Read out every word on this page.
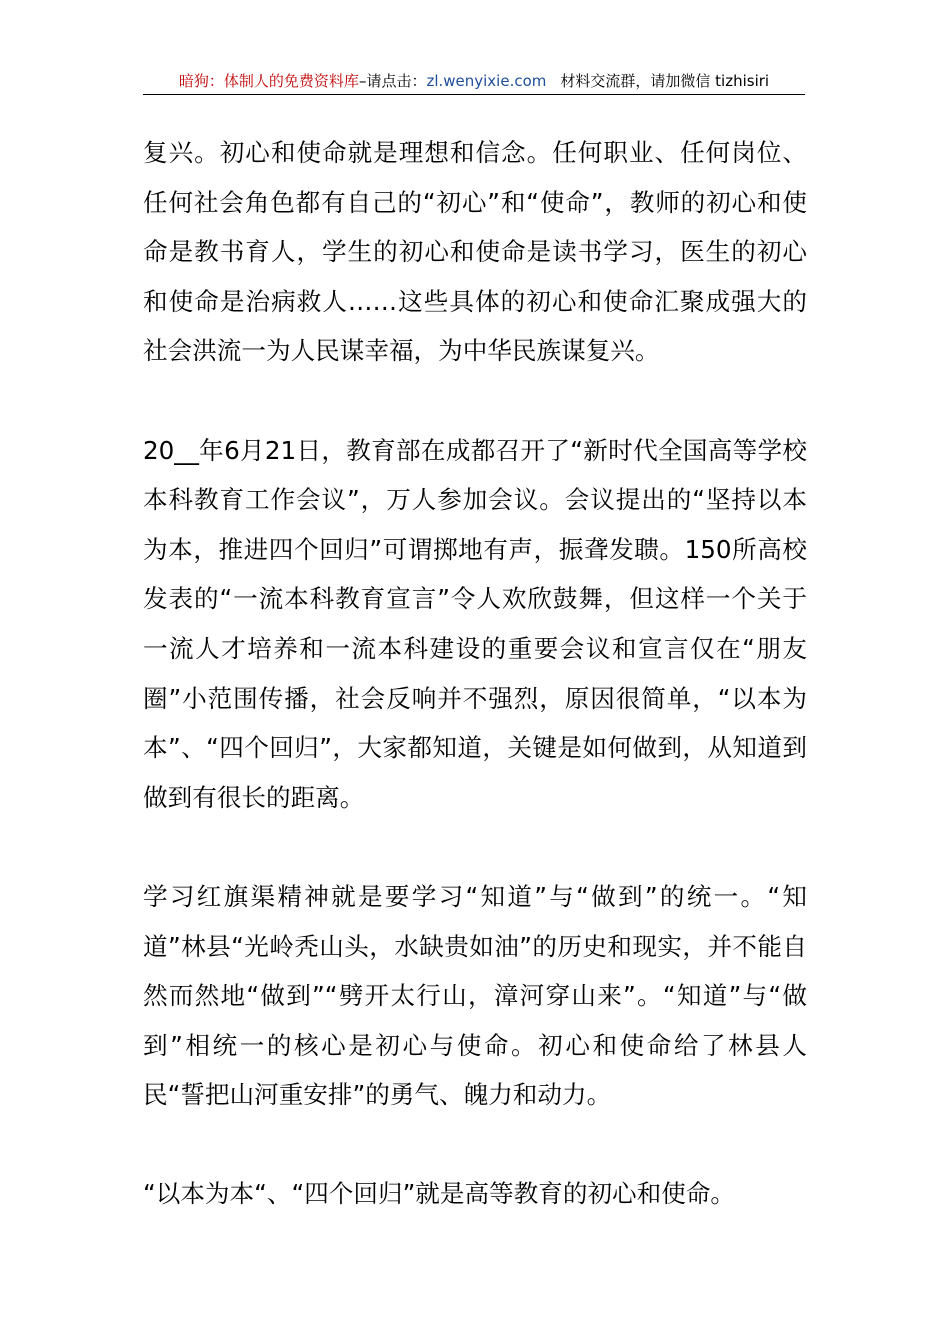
暗狗：体制人的免费资料库–请点击：zl.wenyixie.com 材料交流群，请加微信 tizhisiri

复兴。初心和使命就是理想和信念。任何职业、任何岗位、任何社会角色都有自己的“初心”和“使命”，教师的初心和使命是教书育人，学生的初心和使命是读书学习，医生的初心和使命是治病救人……这些具体的初心和使命汇聚成强大的社会洪流一为人民谋幸福，为中华民族谋复兴。

20__年6月21日，教育部在成都召开了“新时代全国高等学校本科教育工作会议”，万人参加会议。会议提出的“坚持以本为本，推进四个回归”可谓掷地有声，振聋发聩。150所高校发表的“一流本科教育宣言”令人欢欣鼓舞，但这样一个关于一流人才培养和一流本科建设的重要会议和宣言仅在“朋友圈”小范围传播，社会反响并不强烈，原因很简单，“以本为本”、“四个回归”，大家都知道，关键是如何做到，从知道到做到有很长的距离。

学习红旗渠精神就是要学习“知道”与“做到”的统一。“知道”林县“光岭秃山头，水缺贵如油”的历史和现实，并不能自然而然地“做到”“劈开太行山，漳河穿山来”。“知道”与“做到”相统一的核心是初心与使命。初心和使命给了林县人民“誓把山河重安排”的勇气、魄力和动力。

“以本为本“、“四个回归”就是高等教育的初心和使命。
